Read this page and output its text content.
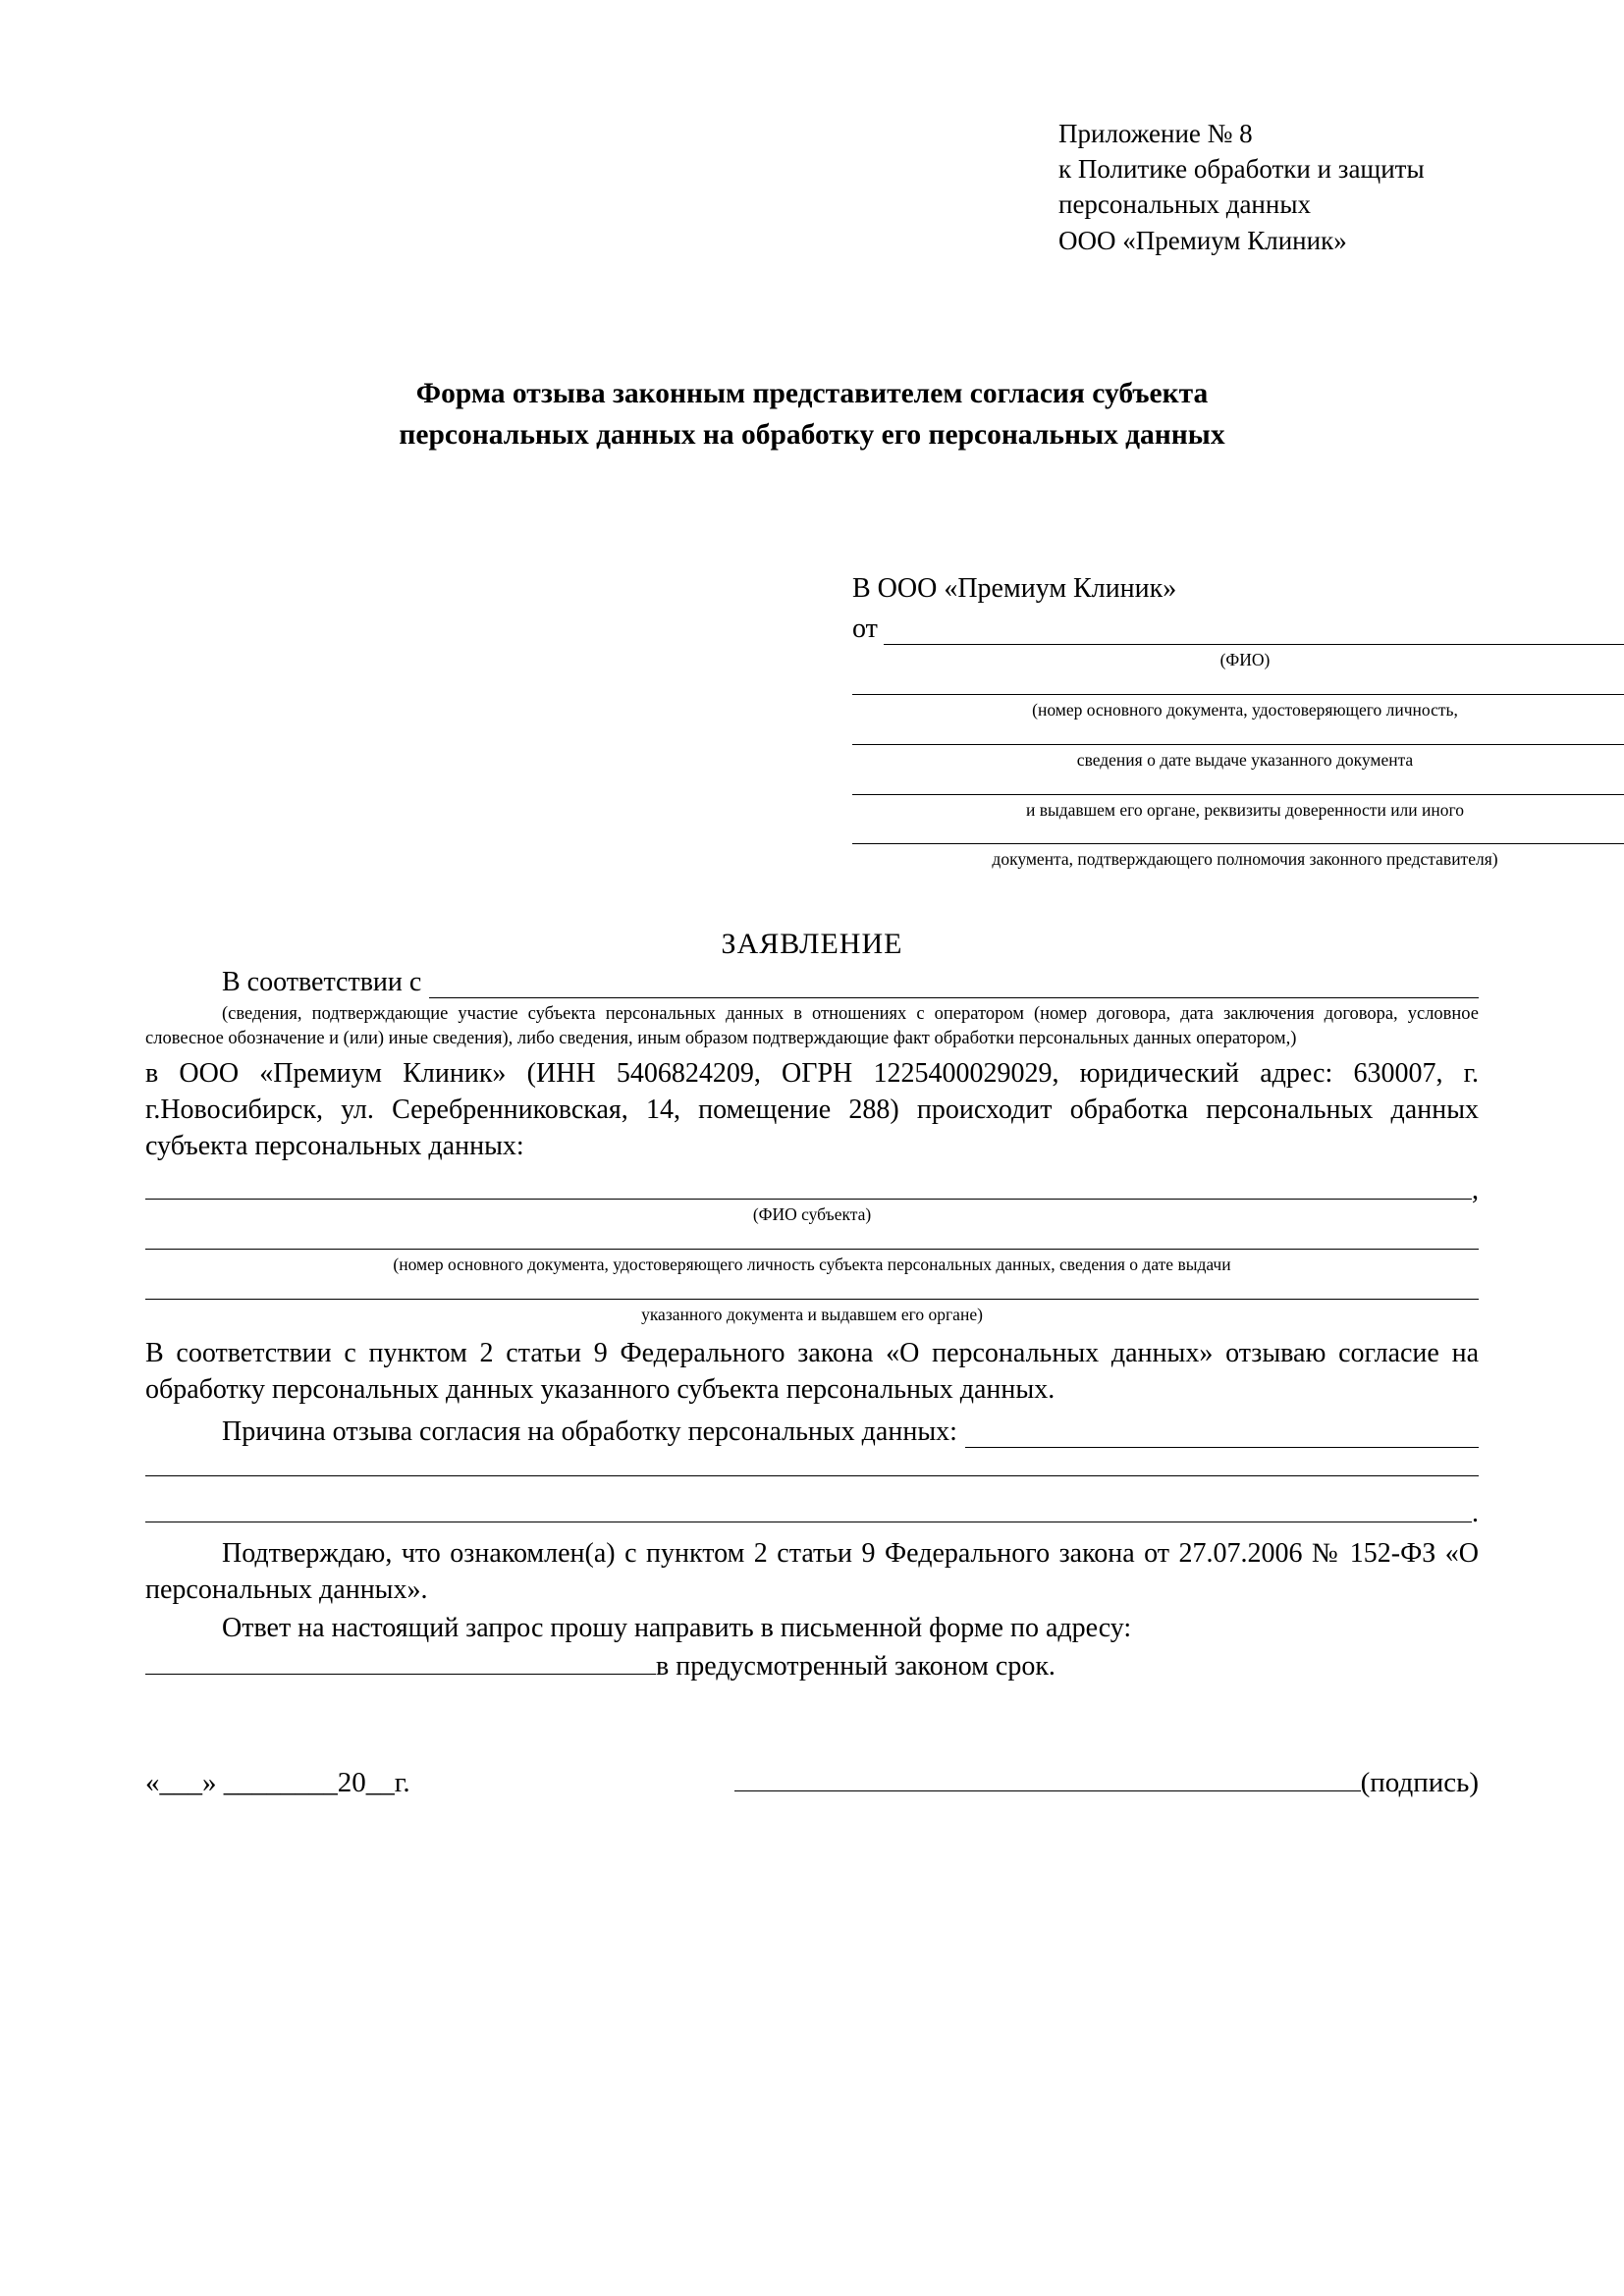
Приложение № 8
к Политике обработки и защиты
персональных данных
ООО «Премиум Клиник»
Форма отзыва законным представителем согласия субъекта
персональных данных на обработку его персональных данных
В ООО «Премиум Клиник»
от
(ФИО)
(номер основного документа, удостоверяющего личность,
сведения о дате выдаче указанного документа
и выдавшем его органе, реквизиты доверенности или иного
документа, подтверждающего полномочия законного представителя)
ЗАЯВЛЕНИЕ
В соответствии с
(сведения, подтверждающие участие субъекта персональных данных в отношениях с оператором (номер договора, дата заключения договора, условное словесное обозначение и (или) иные сведения), либо сведения, иным образом подтверждающие факт обработки персональных данных оператором,)
в ООО «Премиум Клиник» (ИНН 5406824209, ОГРН 1225400029029, юридический адрес: 630007, г. г.Новосибирск, ул. Серебренниковская, 14, помещение 288) происходит обработка персональных данных субъекта персональных данных:
,
(ФИО субъекта)
(номер основного документа, удостоверяющего личность субъекта персональных данных, сведения о дате выдачи
указанного документа и выдавшем его органе)
В соответствии с пунктом 2 статьи 9 Федерального закона «О персональных данных» отзываю согласие на обработку персональных данных указанного субъекта персональных данных.
Причина отзыва согласия на обработку персональных данных:
.
Подтверждаю, что ознакомлен(а) с пунктом 2 статьи 9 Федерального закона от 27.07.2006 № 152-ФЗ «О персональных данных».
Ответ на настоящий запрос прошу направить в письменной форме по адресу:
в предусмотренный законом срок.
«___» ________20__г.	(подпись)
